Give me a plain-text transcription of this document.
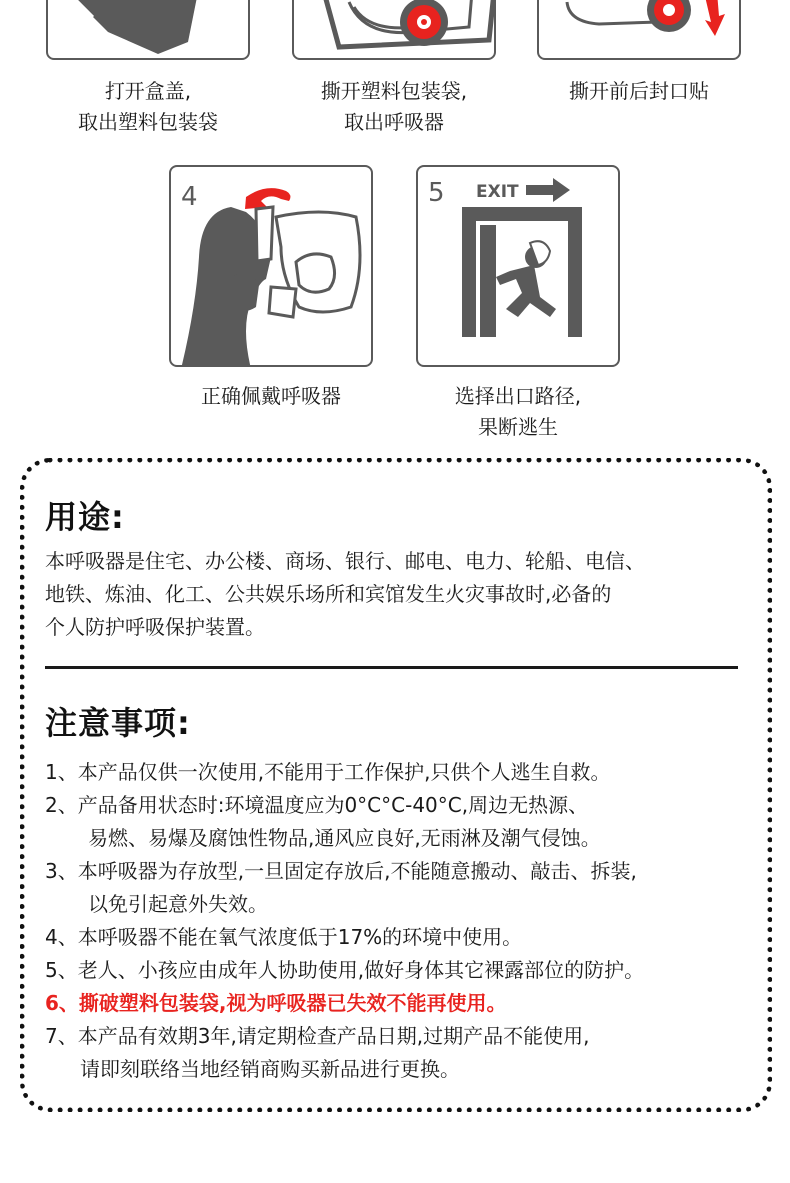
打开盒盖,
取出塑料包装袋
撕开塑料包装袋,
取出呼吸器
撕开前后封口贴
4
正确佩戴呼吸器
5 EXIT
选择出口路径,
果断逃生
用途:
本呼吸器是住宅、办公楼、商场、银行、邮电、电力、轮船、电信、
地铁、炼油、化工、公共娱乐场所和宾馆发生火灾事故时,必备的
个人防护呼吸保护装置。
注意事项:
1、本产品仅供一次使用,不能用于工作保护,只供个人逃生自救。
2、产品备用状态时:环境温度应为0°C°C-40°C,周边无热源、
易燃、易爆及腐蚀性物品,通风应良好,无雨淋及潮气侵蚀。
3、本呼吸器为存放型,一旦固定存放后,不能随意搬动、敲击、拆装,
以免引起意外失效。
4、本呼吸器不能在氧气浓度低于17%的环境中使用。
5、老人、小孩应由成年人协助使用,做好身体其它裸露部位的防护。
6、撕破塑料包装袋,视为呼吸器已失效不能再使用。
7、本产品有效期3年,请定期检查产品日期,过期产品不能使用,
请即刻联络当地经销商购买新品进行更换。
